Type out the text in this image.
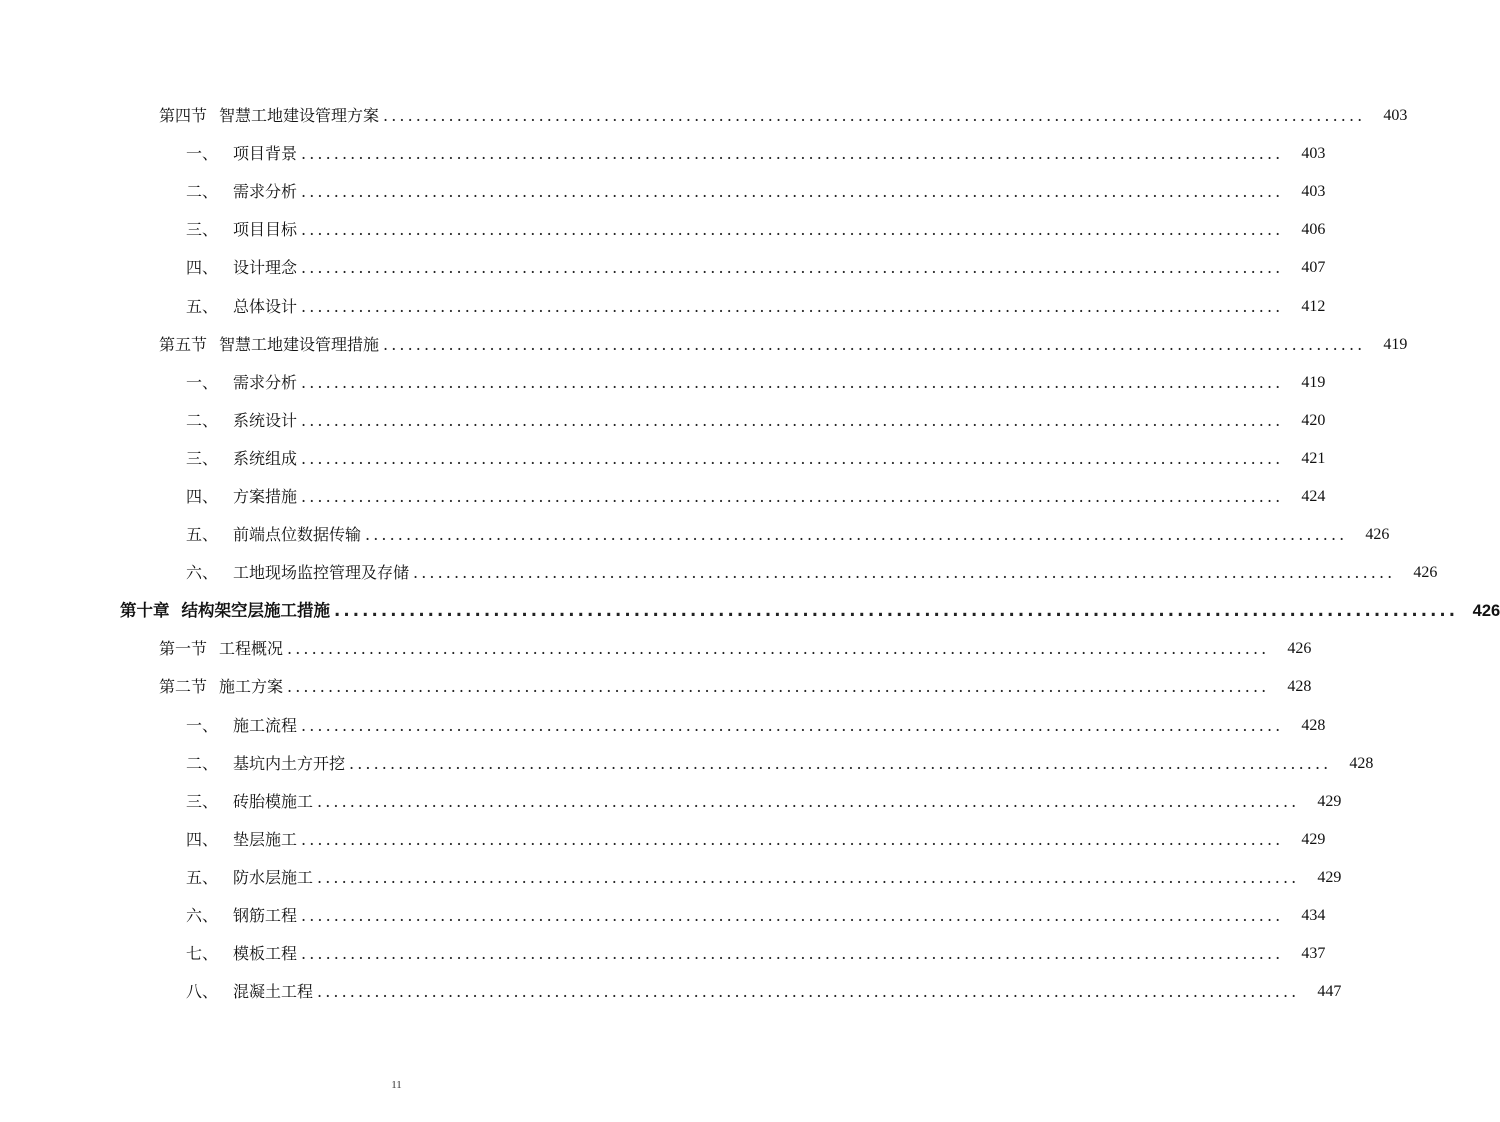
第四节 智慧工地建设管理方案 ........................................................................................................................	403
一、 项目背景 ........................................................................................................................	403
二、 需求分析 ........................................................................................................................	403
三、 项目目标 ........................................................................................................................	406
四、 设计理念 ........................................................................................................................	407
五、 总体设计 ........................................................................................................................	412
第五节 智慧工地建设管理措施 ........................................................................................................................	419
一、 需求分析 ........................................................................................................................	419
二、 系统设计 ........................................................................................................................	420
三、 系统组成 ........................................................................................................................	421
四、 方案措施 ........................................................................................................................	424
五、 前端点位数据传输 ........................................................................................................................	426
六、 工地现场监控管理及存储 ........................................................................................................................	426
第十章 结构架空层施工措施 ........................................................................................................................ 426
第一节 工程概况 ........................................................................................................................	426
第二节 施工方案 ........................................................................................................................	428
一、 施工流程 ........................................................................................................................	428
二、 基坑内土方开挖 ........................................................................................................................	428
三、 砖胎模施工 ........................................................................................................................	429
四、 垫层施工 ........................................................................................................................	429
五、 防水层施工 ........................................................................................................................	429
六、 钢筋工程 ........................................................................................................................	434
七、 模板工程 ........................................................................................................................	437
八、 混凝土工程 ........................................................................................................................	447
11
